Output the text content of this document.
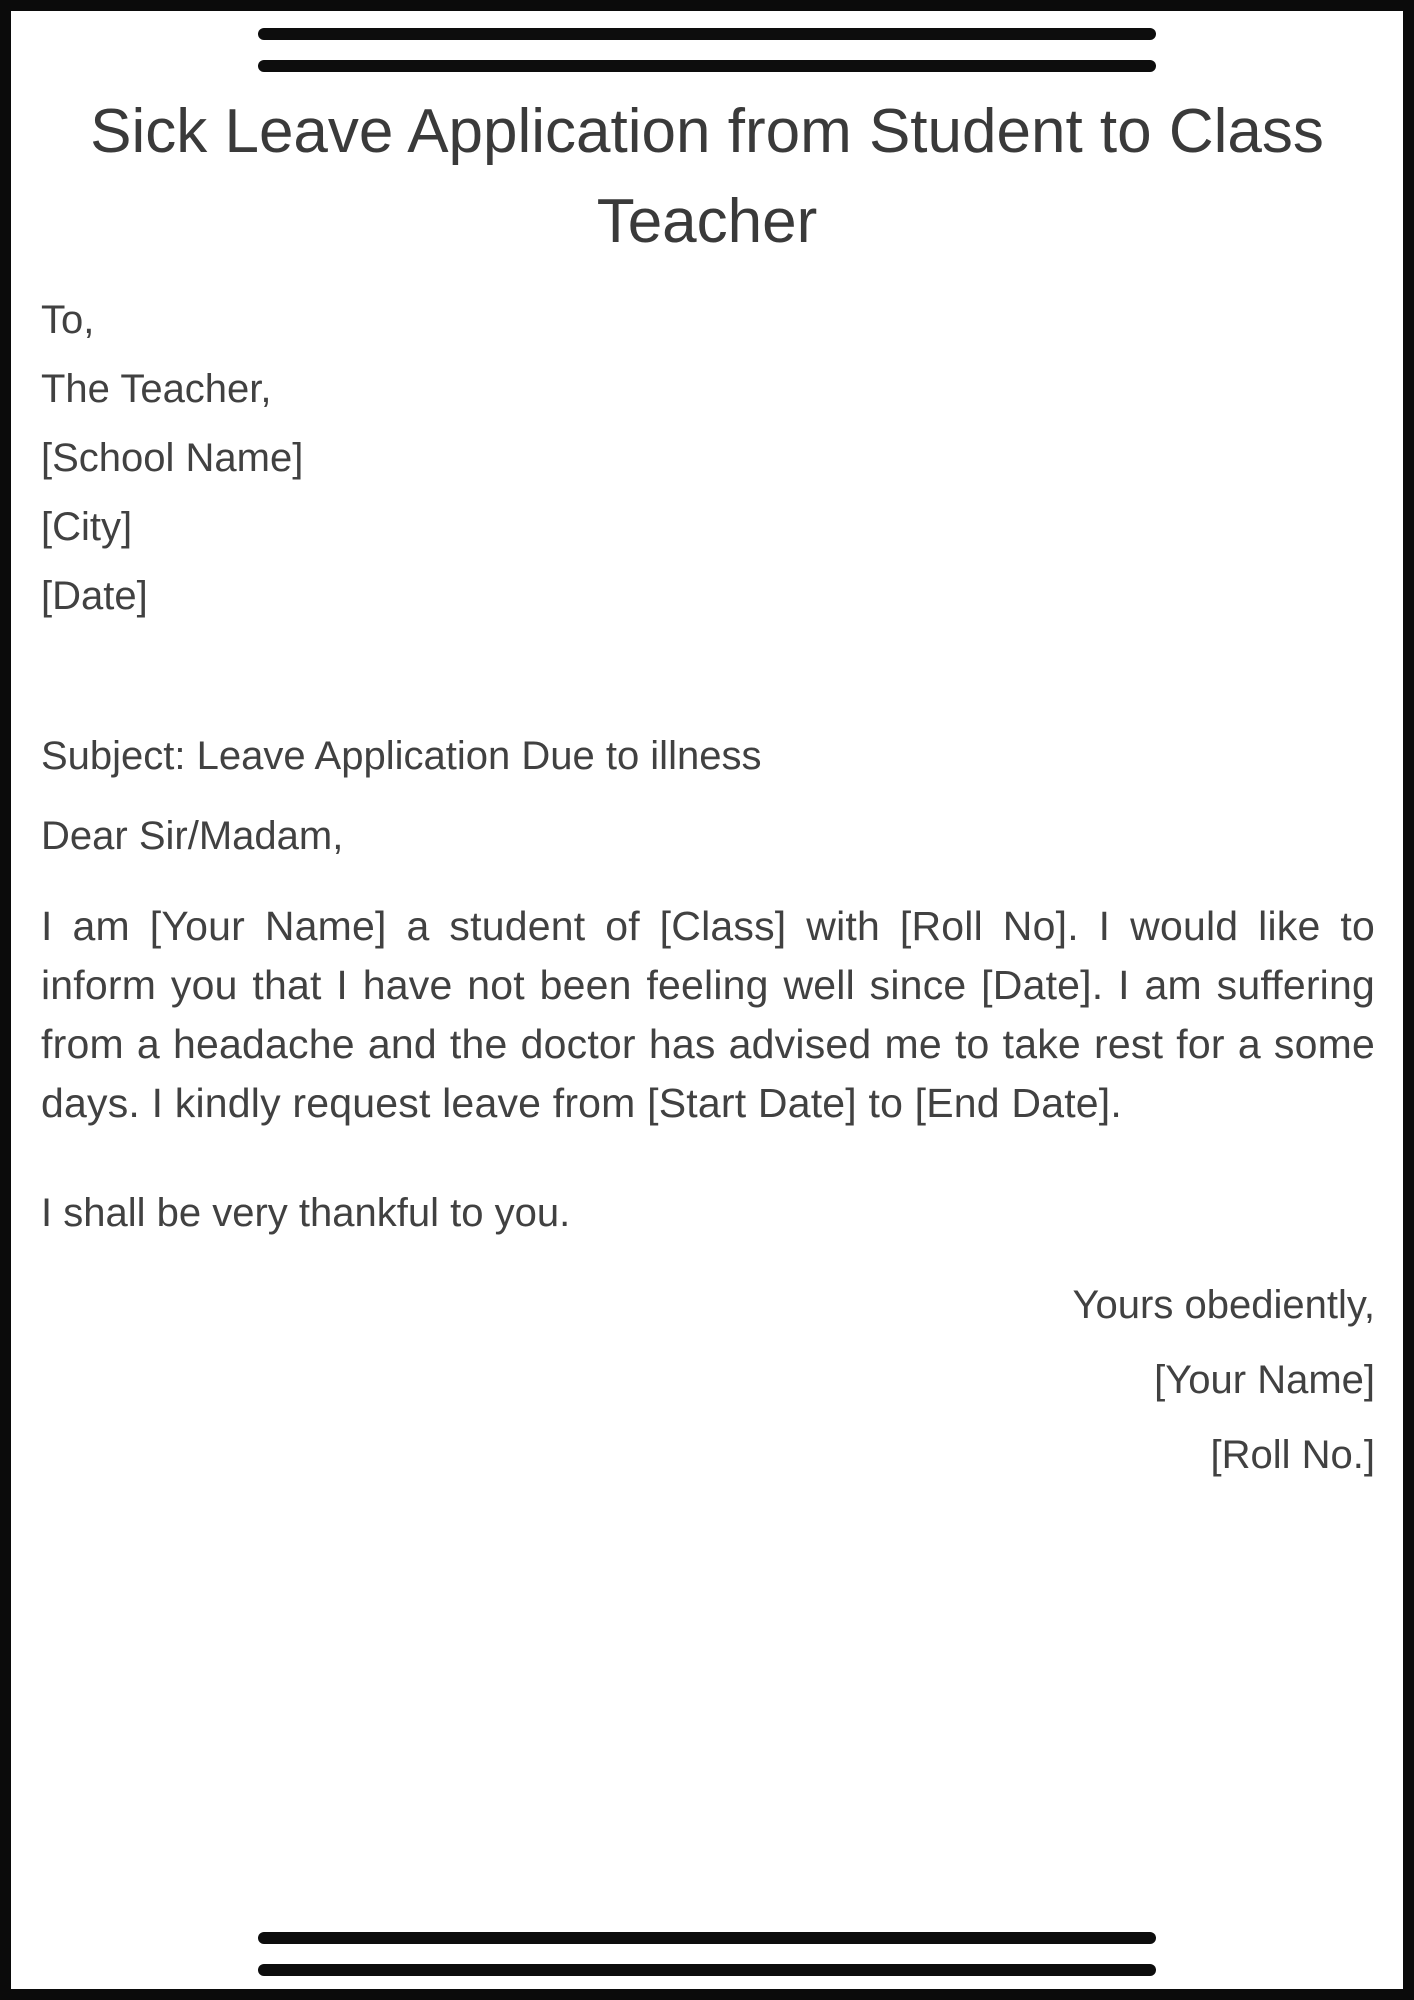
Sick Leave Application from Student to Class Teacher

To,

The Teacher,

[School Name]

[City]

[Date]

Subject: Leave Application Due to illness

Dear Sir/Madam,

I am [Your Name] a student of [Class] with [Roll No]. I would like to inform you that I have not been feeling well since [Date]. I am suffering from a headache and the doctor has advised me to take rest for a some days. I kindly request leave from [Start Date] to [End Date].

I shall be very thankful to you.

Yours obediently,

[Your Name]

[Roll No.]
